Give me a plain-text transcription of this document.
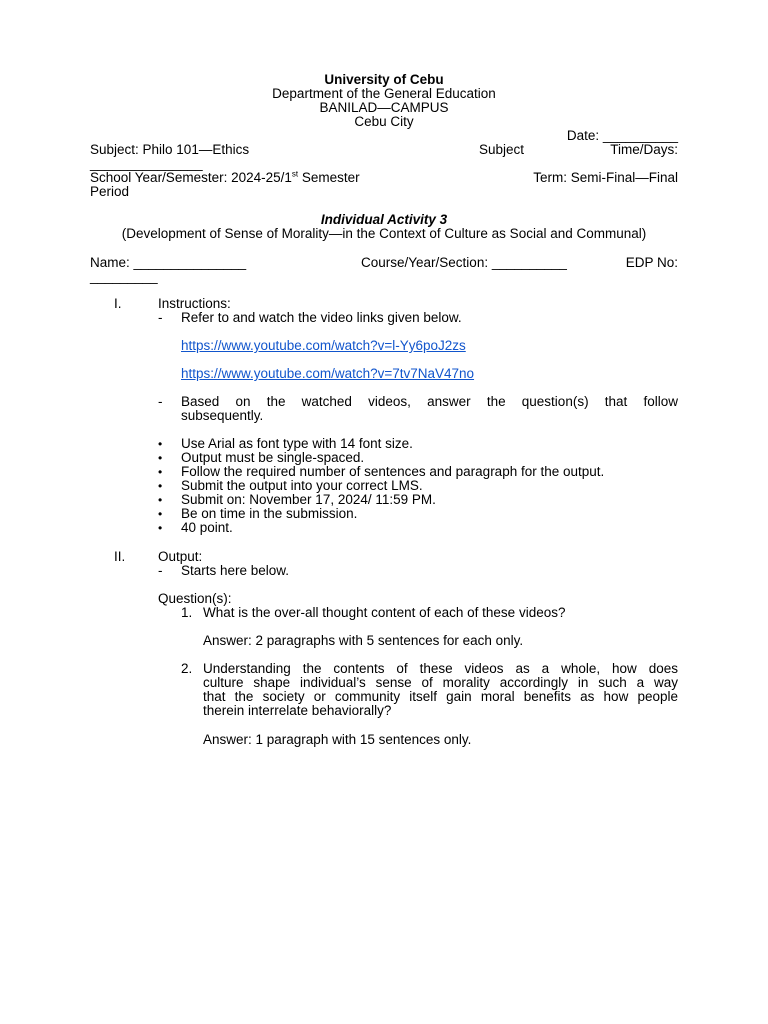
University of Cebu
Department of the General Education
BANILAD—CAMPUS
Cebu City
Date: __________
Subject: Philo 101—Ethics	Subject	Time/Days:
_______________
School Year/Semester: 2024-25/1st Semester	Term: Semi-Final—Final
Period
Individual Activity 3
(Development of Sense of Morality—in the Context of Culture as Social and Communal)
Name: _______________	Course/Year/Section: __________	EDP No:
_________
I.	Instructions:
- Refer to and watch the video links given below.
https://www.youtube.com/watch?v=l-Yy6poJ2zs
https://www.youtube.com/watch?v=7tv7NaV47no
- Based on the watched videos, answer the question(s) that follow
subsequently.
• Use Arial as font type with 14 font size.
• Output must be single-spaced.
• Follow the required number of sentences and paragraph for the output.
• Submit the output into your correct LMS.
• Submit on: November 17, 2024/ 11:59 PM.
• Be on time in the submission.
• 40 point.
II. Output:
- Starts here below.
Question(s):
1. What is the over-all thought content of each of these videos?
Answer: 2 paragraphs with 5 sentences for each only.
2. Understanding the contents of these videos as a whole, how does
culture shape individual’s sense of morality accordingly in such a way
that the society or community itself gain moral benefits as how people
therein interrelate behaviorally?
Answer: 1 paragraph with 15 sentences only.
